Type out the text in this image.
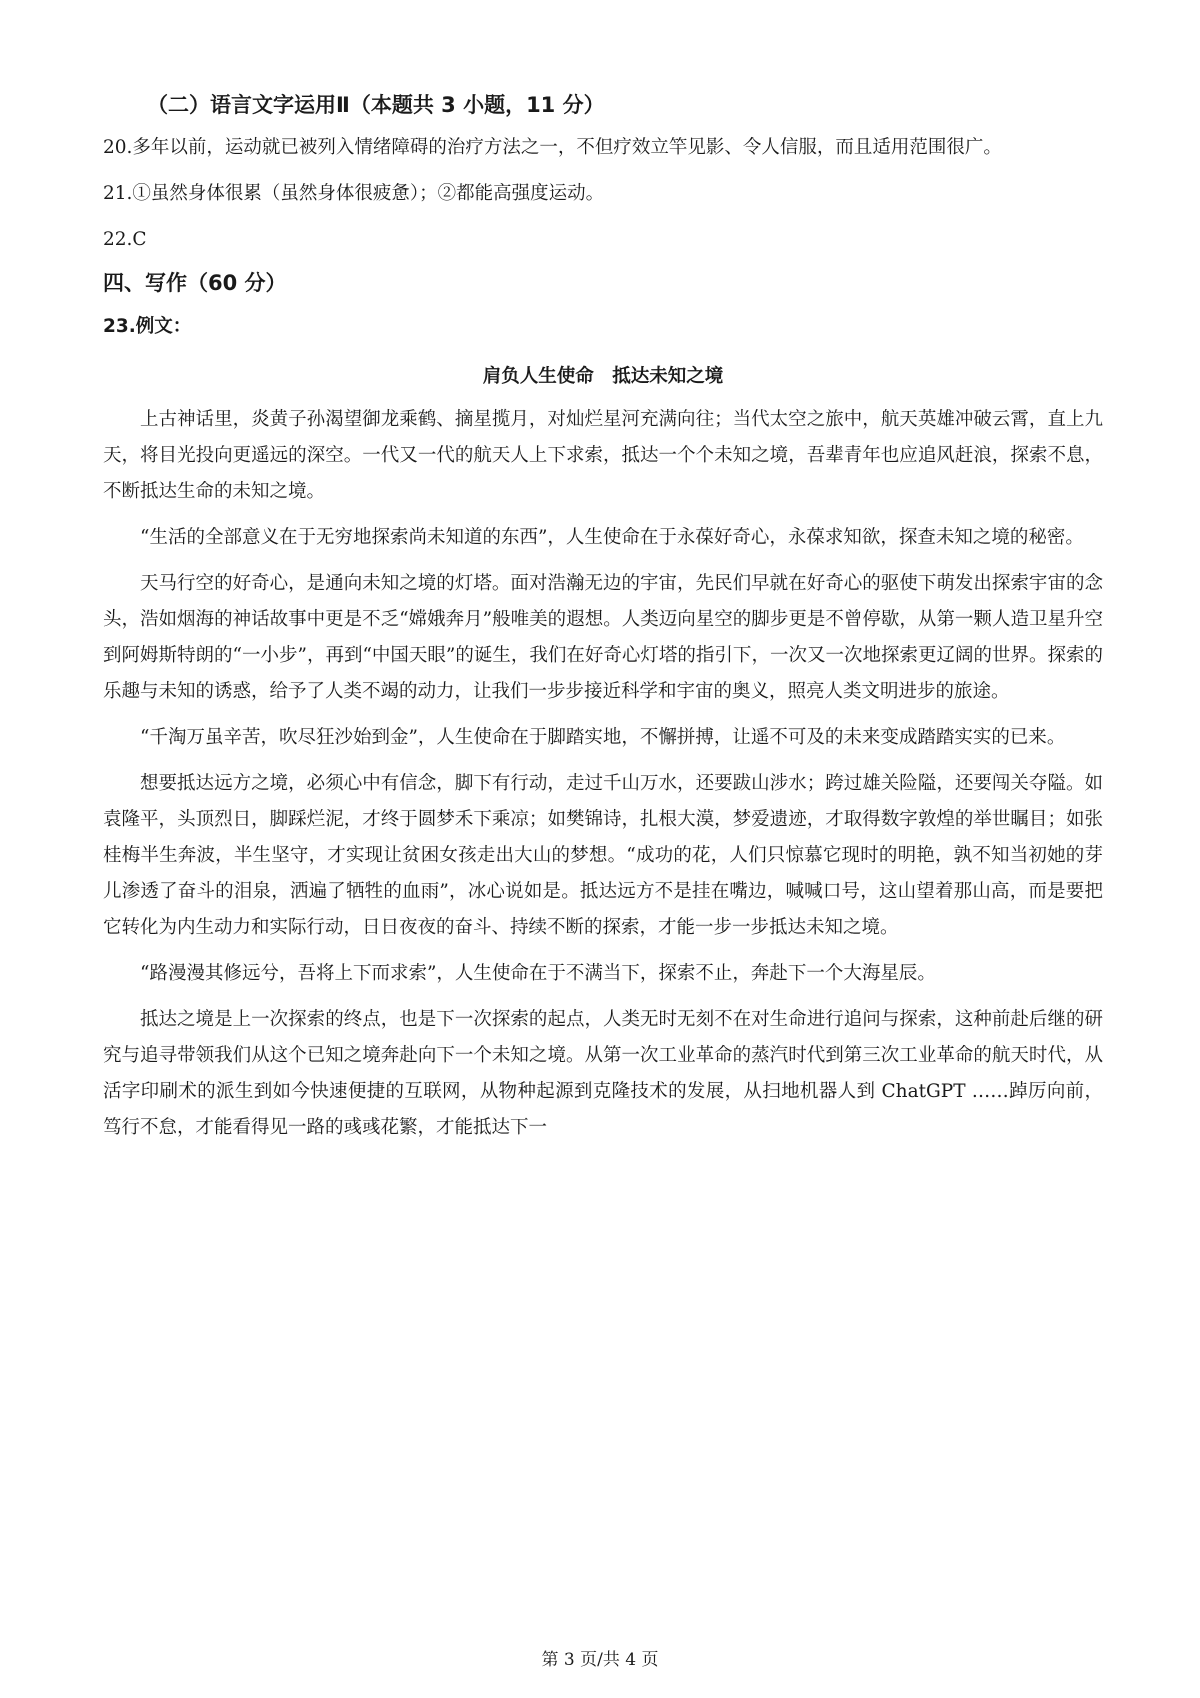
（二）语言文字运用Ⅱ（本题共 3 小题，11 分）

20.多年以前，运动就已被列入情绪障碍的治疗方法之一，不但疗效立竿见影、令人信服，而且适用范围很广。

21.①虽然身体很累（虽然身体很疲惫）；②都能高强度运动。

22.C

四、写作（60 分）
23.例文：
肩负人生使命　抵达未知之境

上古神话里，炎黄子孙渴望御龙乘鹤、摘星揽月，对灿烂星河充满向往；当代太空之旅中，航天英雄冲破云霄，直上九天，将目光投向更遥远的深空。一代又一代的航天人上下求索，抵达一个个未知之境，吾辈青年也应追风赶浪，探索不息，不断抵达生命的未知之境。

“生活的全部意义在于无穷地探索尚未知道的东西”，人生使命在于永葆好奇心，永葆求知欲，探查未知之境的秘密。

天马行空的好奇心，是通向未知之境的灯塔。面对浩瀚无边的宇宙，先民们早就在好奇心的驱使下萌发出探索宇宙的念头，浩如烟海的神话故事中更是不乏“嫦娥奔月”般唯美的遐想。人类迈向星空的脚步更是不曾停歇，从第一颗人造卫星升空到阿姆斯特朗的“一小步”，再到“中国天眼”的诞生，我们在好奇心灯塔的指引下，一次又一次地探索更辽阔的世界。探索的乐趣与未知的诱惑，给予了人类不竭的动力，让我们一步步接近科学和宇宙的奥义，照亮人类文明进步的旅途。

“千淘万虽辛苦，吹尽狂沙始到金”，人生使命在于脚踏实地，不懈拼搏，让遥不可及的未来变成踏踏实实的已来。

想要抵达远方之境，必须心中有信念，脚下有行动，走过千山万水，还要跋山涉水；跨过雄关险隘，还要闯关夺隘。如袁隆平，头顶烈日，脚踩烂泥，才终于圆梦禾下乘凉；如樊锦诗，扎根大漠，梦爱遗迹，才取得数字敦煌的举世瞩目；如张桂梅半生奔波，半生坚守，才实现让贫困女孩走出大山的梦想。“成功的花，人们只惊慕它现时的明艳，孰不知当初她的芽儿渗透了奋斗的泪泉，洒遍了牺牲的血雨”，冰心说如是。抵达远方不是挂在嘴边，喊喊口号，这山望着那山高，而是要把它转化为内生动力和实际行动，日日夜夜的奋斗、持续不断的探索，才能一步一步抵达未知之境。

“路漫漫其修远兮，吾将上下而求索”，人生使命在于不满当下，探索不止，奔赴下一个大海星辰。

抵达之境是上一次探索的终点，也是下一次探索的起点，人类无时无刻不在对生命进行追问与探索，这种前赴后继的研究与追寻带领我们从这个已知之境奔赴向下一个未知之境。从第一次工业革命的蒸汽时代到第三次工业革命的航天时代，从活字印刷术的派生到如今快速便捷的互联网，从物种起源到克隆技术的发展，从扫地机器人到 ChatGPT ……踔厉向前，笃行不怠，才能看得见一路的彧彧花繁，才能抵达下一

第 3 页/共 4 页
